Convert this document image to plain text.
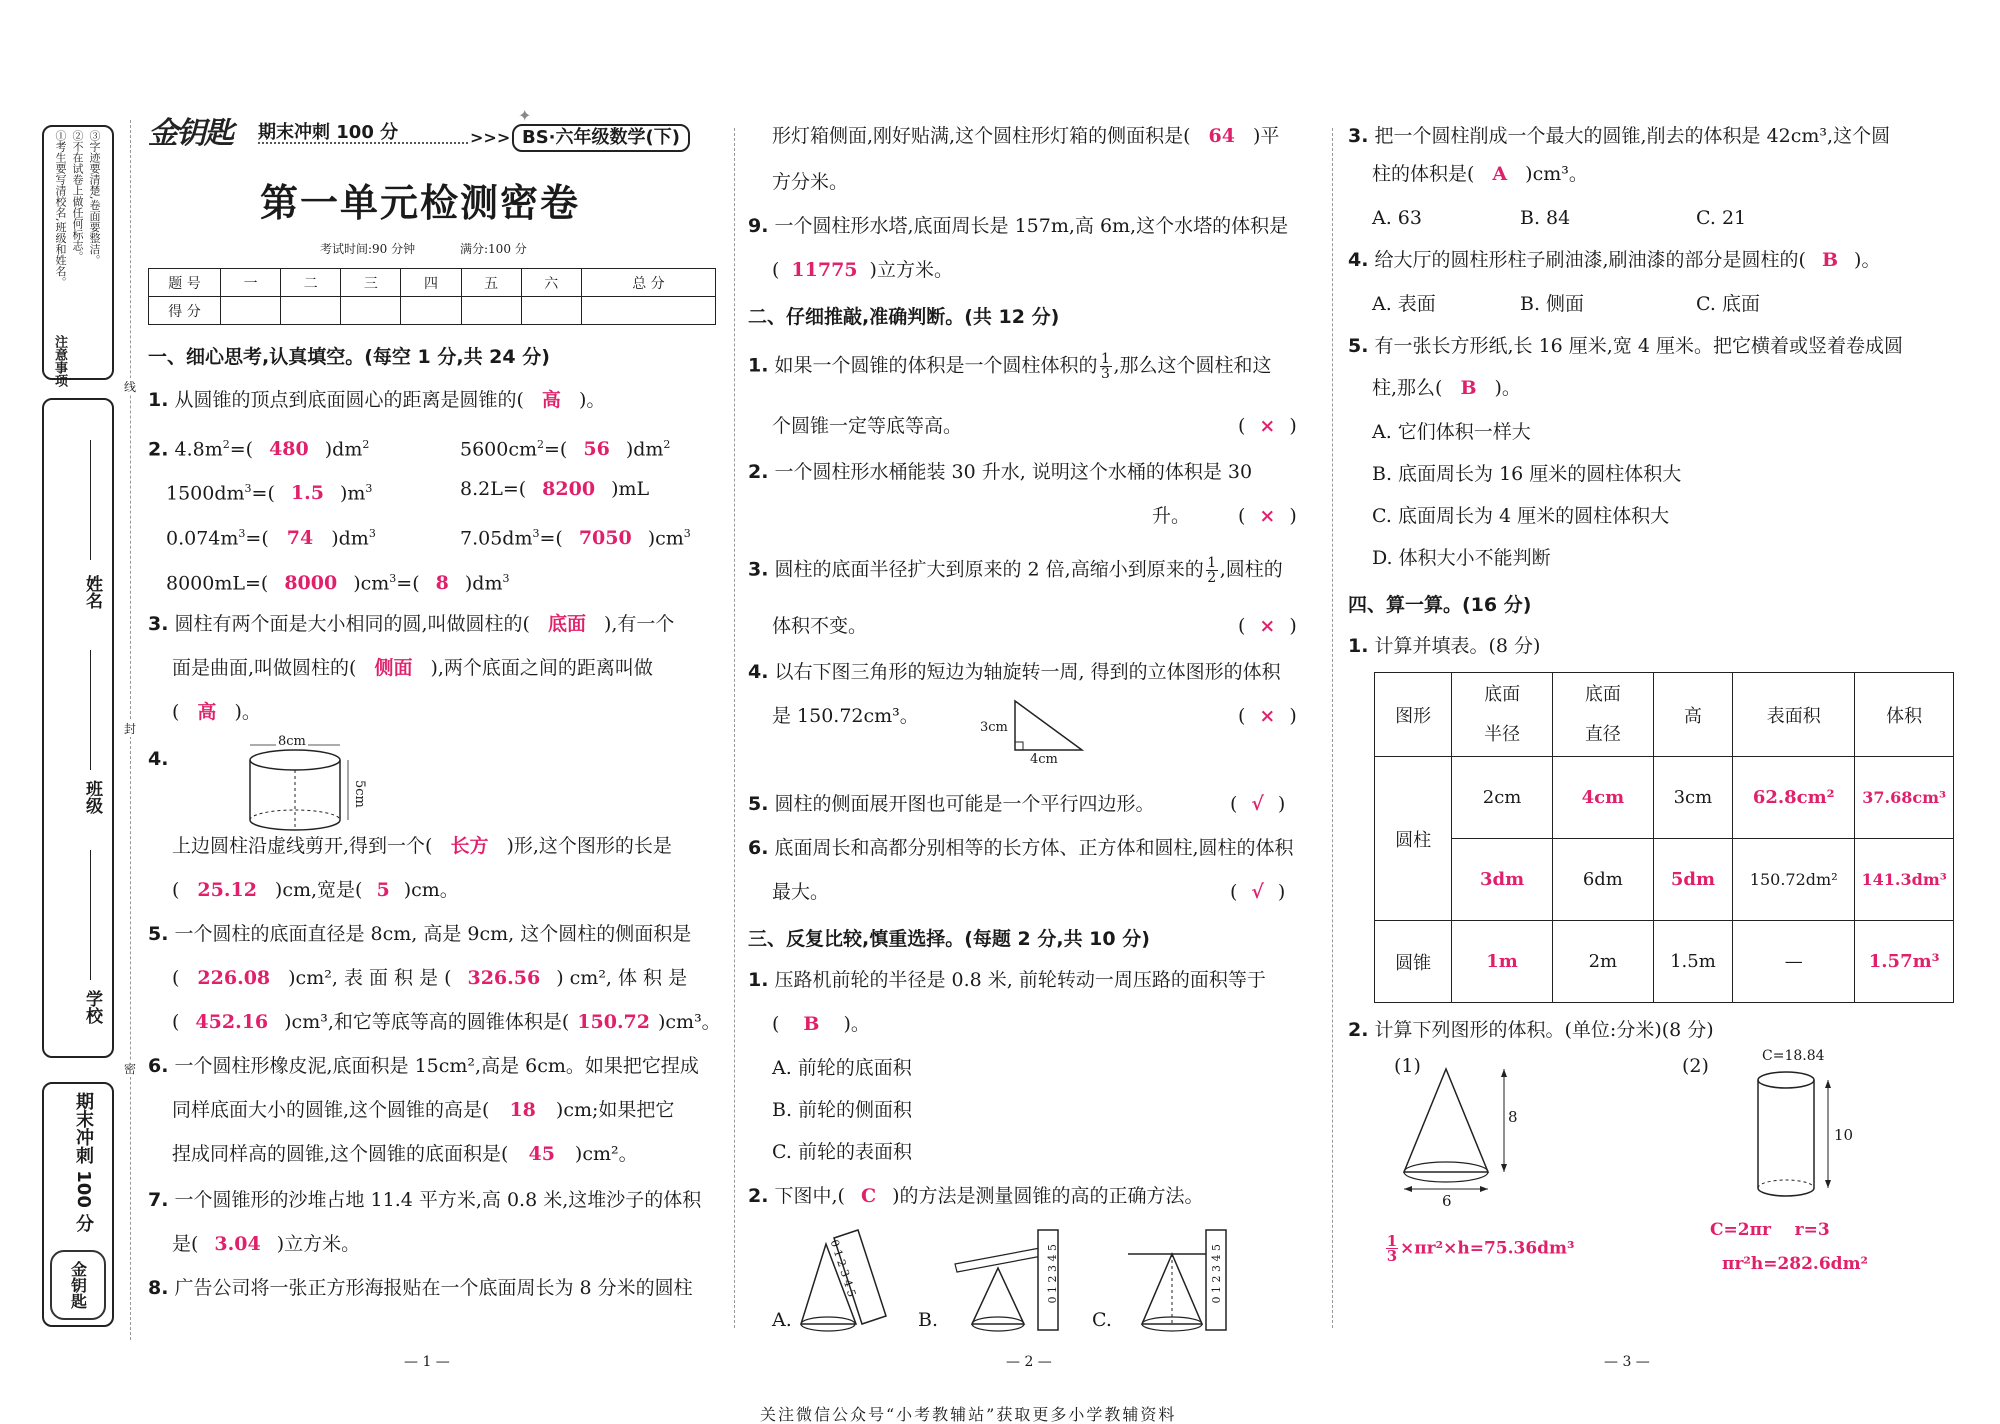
注意事项
①考生要写清校名,班级和姓名。 ②不在试卷上做任何标志。 ③字迹要清楚,卷面要整洁。
姓名
班级
学校
期末冲刺 100 分
金钥匙
线
封
密
金钥匙 期末冲刺 100 分	>>>
✦
BS·六年级数学(下)
第一单元检测密卷
考试时间:90 分钟	满分:100 分
题 号	一	二	三	四	五	六	总 分
得 分							
一、细心思考,认真填空。(每空 1 分,共 24 分)
1. 从圆锥的顶点到底面圆心的距离是圆锥的( 高 )。
2. $4.8m^2=$( 480 )$dm^2$	$5600cm^2=$( 56 )$dm^2$
$1500dm^3=$( 1.5 )$m^3$	8.2L=( 8200 )mL
$0.074m^3=$( 74 )$dm^3$	$7.05dm^3=$( 7050 )$cm^3$
8000mL=( 8000 )$cm^3=$( 8 )$dm^3$
3. 圆柱有两个面是大小相同的圆,叫做圆柱的( 底面 ),有一个
面是曲面,叫做圆柱的( 侧面 ),两个底面之间的距离叫做
( 高 )。
4.
8cm
5cm
上边圆柱沿虚线剪开,得到一个( 长方 )形,这个图形的长是
( 25.12 )cm,宽是( 5 )cm。
5. 一个圆柱的底面直径是 8cm, 高是 9cm, 这个圆柱的侧面积是
( 226.08 )cm², 表 面 积 是 ( 326.56 ) cm², 体 积 是
( 452.16 )cm³,和它等底等高的圆锥体积是( 150.72 )cm³。
6. 一个圆柱形橡皮泥,底面积是 15cm²,高是 6cm。如果把它捏成
同样底面大小的圆锥,这个圆锥的高是( 18 )cm;如果把它
捏成同样高的圆锥,这个圆锥的底面积是( 45 )cm²。
7. 一个圆锥形的沙堆占地 11.4 平方米,高 0.8 米,这堆沙子的体积
是( 3.04 )立方米。
8. 广告公司将一张正方形海报贴在一个底面周长为 8 分米的圆柱
形灯箱侧面,刚好贴满,这个圆柱形灯箱的侧面积是( 64 )平
方分米。
9. 一个圆柱形水塔,底面周长是 157m,高 6m,这个水塔的体积是
( 11775 )立方米。
二、仔细推敲,准确判断。(共 12 分)
1. 如果一个圆锥的体积是一个圆柱体积的 $\frac{1}{3}$ ,那么这个圆柱和这
个圆锥一定等底等高。	( × )
2. 一个圆柱形水桶能装 30 升水, 说明这个水桶的体积是 30
升。	( × )
3. 圆柱的底面半径扩大到原来的 2 倍,高缩小到原来的 $\frac{1}{2}$ ,圆柱的
体积不变。	( × )
4. 以右下图三角形的短边为轴旋转一周, 得到的立体图形的体积
是 150.72cm³。
3cm
4cm
( × )
5. 圆柱的侧面展开图也可能是一个平行四边形。	( √ )
6. 底面周长和高都分别相等的长方体、正方体和圆柱,圆柱的体积
最大。	( √ )
三、反复比较,慎重选择。(每题 2 分,共 10 分)
1. 压路机前轮的半径是 0.8 米, 前轮转动一周压路的面积等于
( B )。
A. 前轮的底面积
B. 前轮的侧面积
C. 前轮的表面积
2. 下图中,( C )的方法是测量圆锥的高的正确方法。
A.
0 1 2 3 4 5
B.
0 1 2 3 4 5
C.
0 1 2 3 4 5
3. 把一个圆柱削成一个最大的圆锥,削去的体积是 42cm³,这个圆
柱的体积是( A )cm³。
A. 63	B. 84	C. 21
4. 给大厅的圆柱形柱子刷油漆,刷油漆的部分是圆柱的( B )。
A. 表面	B. 侧面	C. 底面
5. 有一张长方形纸,长 16 厘米,宽 4 厘米。把它横着或竖着卷成圆
柱,那么( B )。
A. 它们体积一样大
B. 底面周长为 16 厘米的圆柱体积大
C. 底面周长为 4 厘米的圆柱体积大
D. 体积大小不能判断
四、算一算。(16 分)
1. 计算并填表。(8 分)
图形	底面半径	底面直径	高	表面积	体积
圆柱	2cm	4cm	3cm	62.8cm²	37.68cm³
	3dm	6dm	5dm	150.72dm²	141.3dm³
圆锥	1m	2m	1.5m	—	1.57m³
2. 计算下列图形的体积。(单位:分米)(8 分)
(1)
8
6
$\frac{1}{3} \times\pi r^2\times h=75.36dm^3$
(2)	C=18.84
10
C=2πr    r=3
πr²h=282.6dm²
— 1 —	— 2 —	— 3 —
关注微信公众号“小考教辅站”获取更多小学教辅资料
